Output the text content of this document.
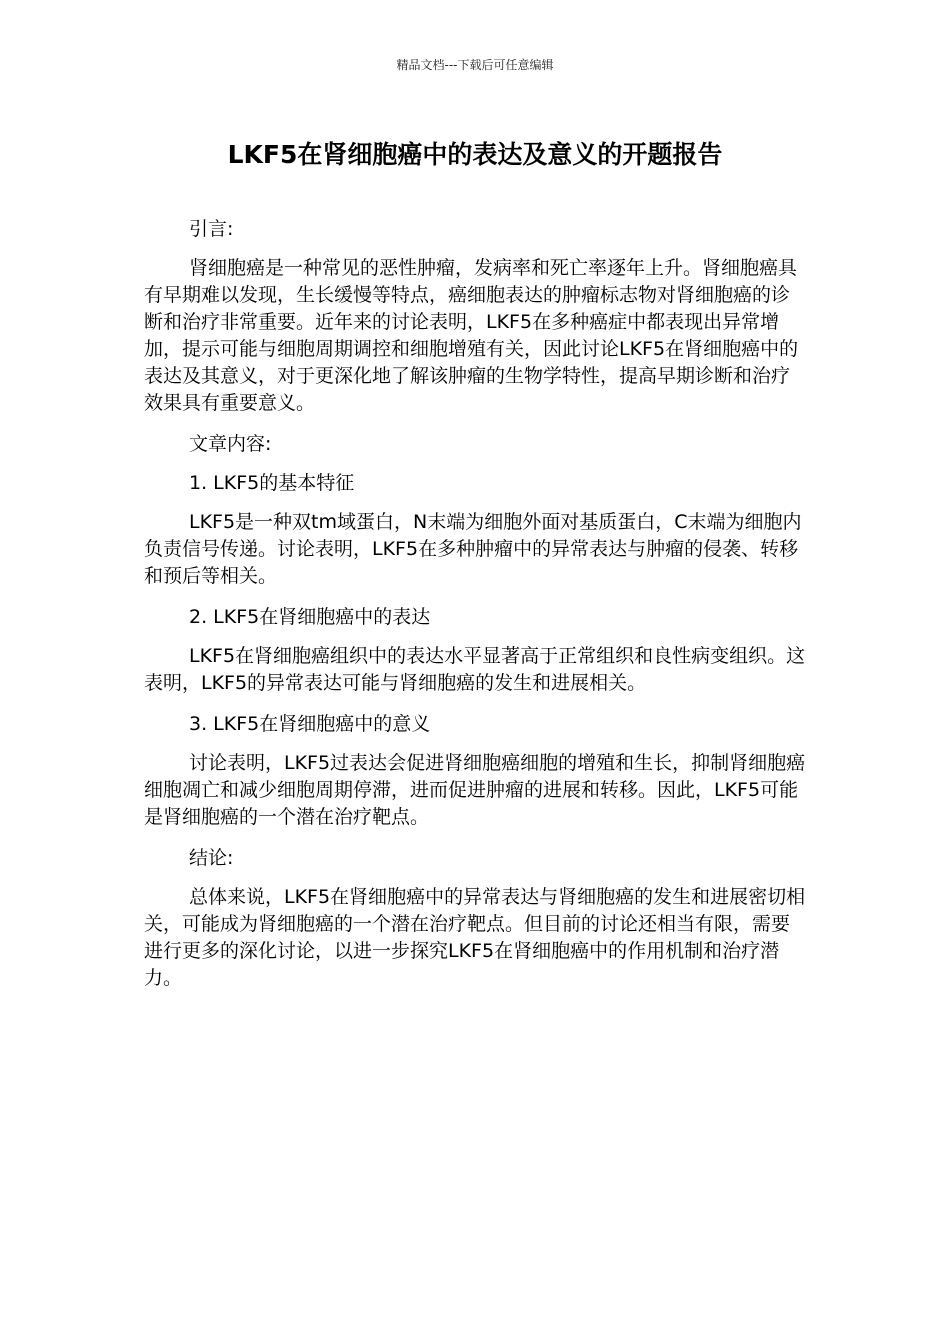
精品文档---下载后可任意编辑
LKF5在肾细胞癌中的表达及意义的开题报告

引言:

肾细胞癌是一种常见的恶性肿瘤，发病率和死亡率逐年上升。肾细胞癌具有早期难以发现，生长缓慢等特点，癌细胞表达的肿瘤标志物对肾细胞癌的诊断和治疗非常重要。近年来的讨论表明，LKF5在多种癌症中都表现出异常增加，提示可能与细胞周期调控和细胞增殖有关，因此讨论LKF5在肾细胞癌中的表达及其意义，对于更深化地了解该肿瘤的生物学特性，提高早期诊断和治疗效果具有重要意义。

文章内容:

1. LKF5的基本特征

LKF5是一种双tm域蛋白，N末端为细胞外面对基质蛋白，C末端为细胞内负责信号传递。讨论表明，LKF5在多种肿瘤中的异常表达与肿瘤的侵袭、转移和预后等相关。

2. LKF5在肾细胞癌中的表达

LKF5在肾细胞癌组织中的表达水平显著高于正常组织和良性病变组织。这表明，LKF5的异常表达可能与肾细胞癌的发生和进展相关。

3. LKF5在肾细胞癌中的意义

讨论表明，LKF5过表达会促进肾细胞癌细胞的增殖和生长，抑制肾细胞癌细胞凋亡和减少细胞周期停滞，进而促进肿瘤的进展和转移。因此，LKF5可能是肾细胞癌的一个潜在治疗靶点。

结论:

总体来说，LKF5在肾细胞癌中的异常表达与肾细胞癌的发生和进展密切相关，可能成为肾细胞癌的一个潜在治疗靶点。但目前的讨论还相当有限，需要进行更多的深化讨论，以进一步探究LKF5在肾细胞癌中的作用机制和治疗潜力。
